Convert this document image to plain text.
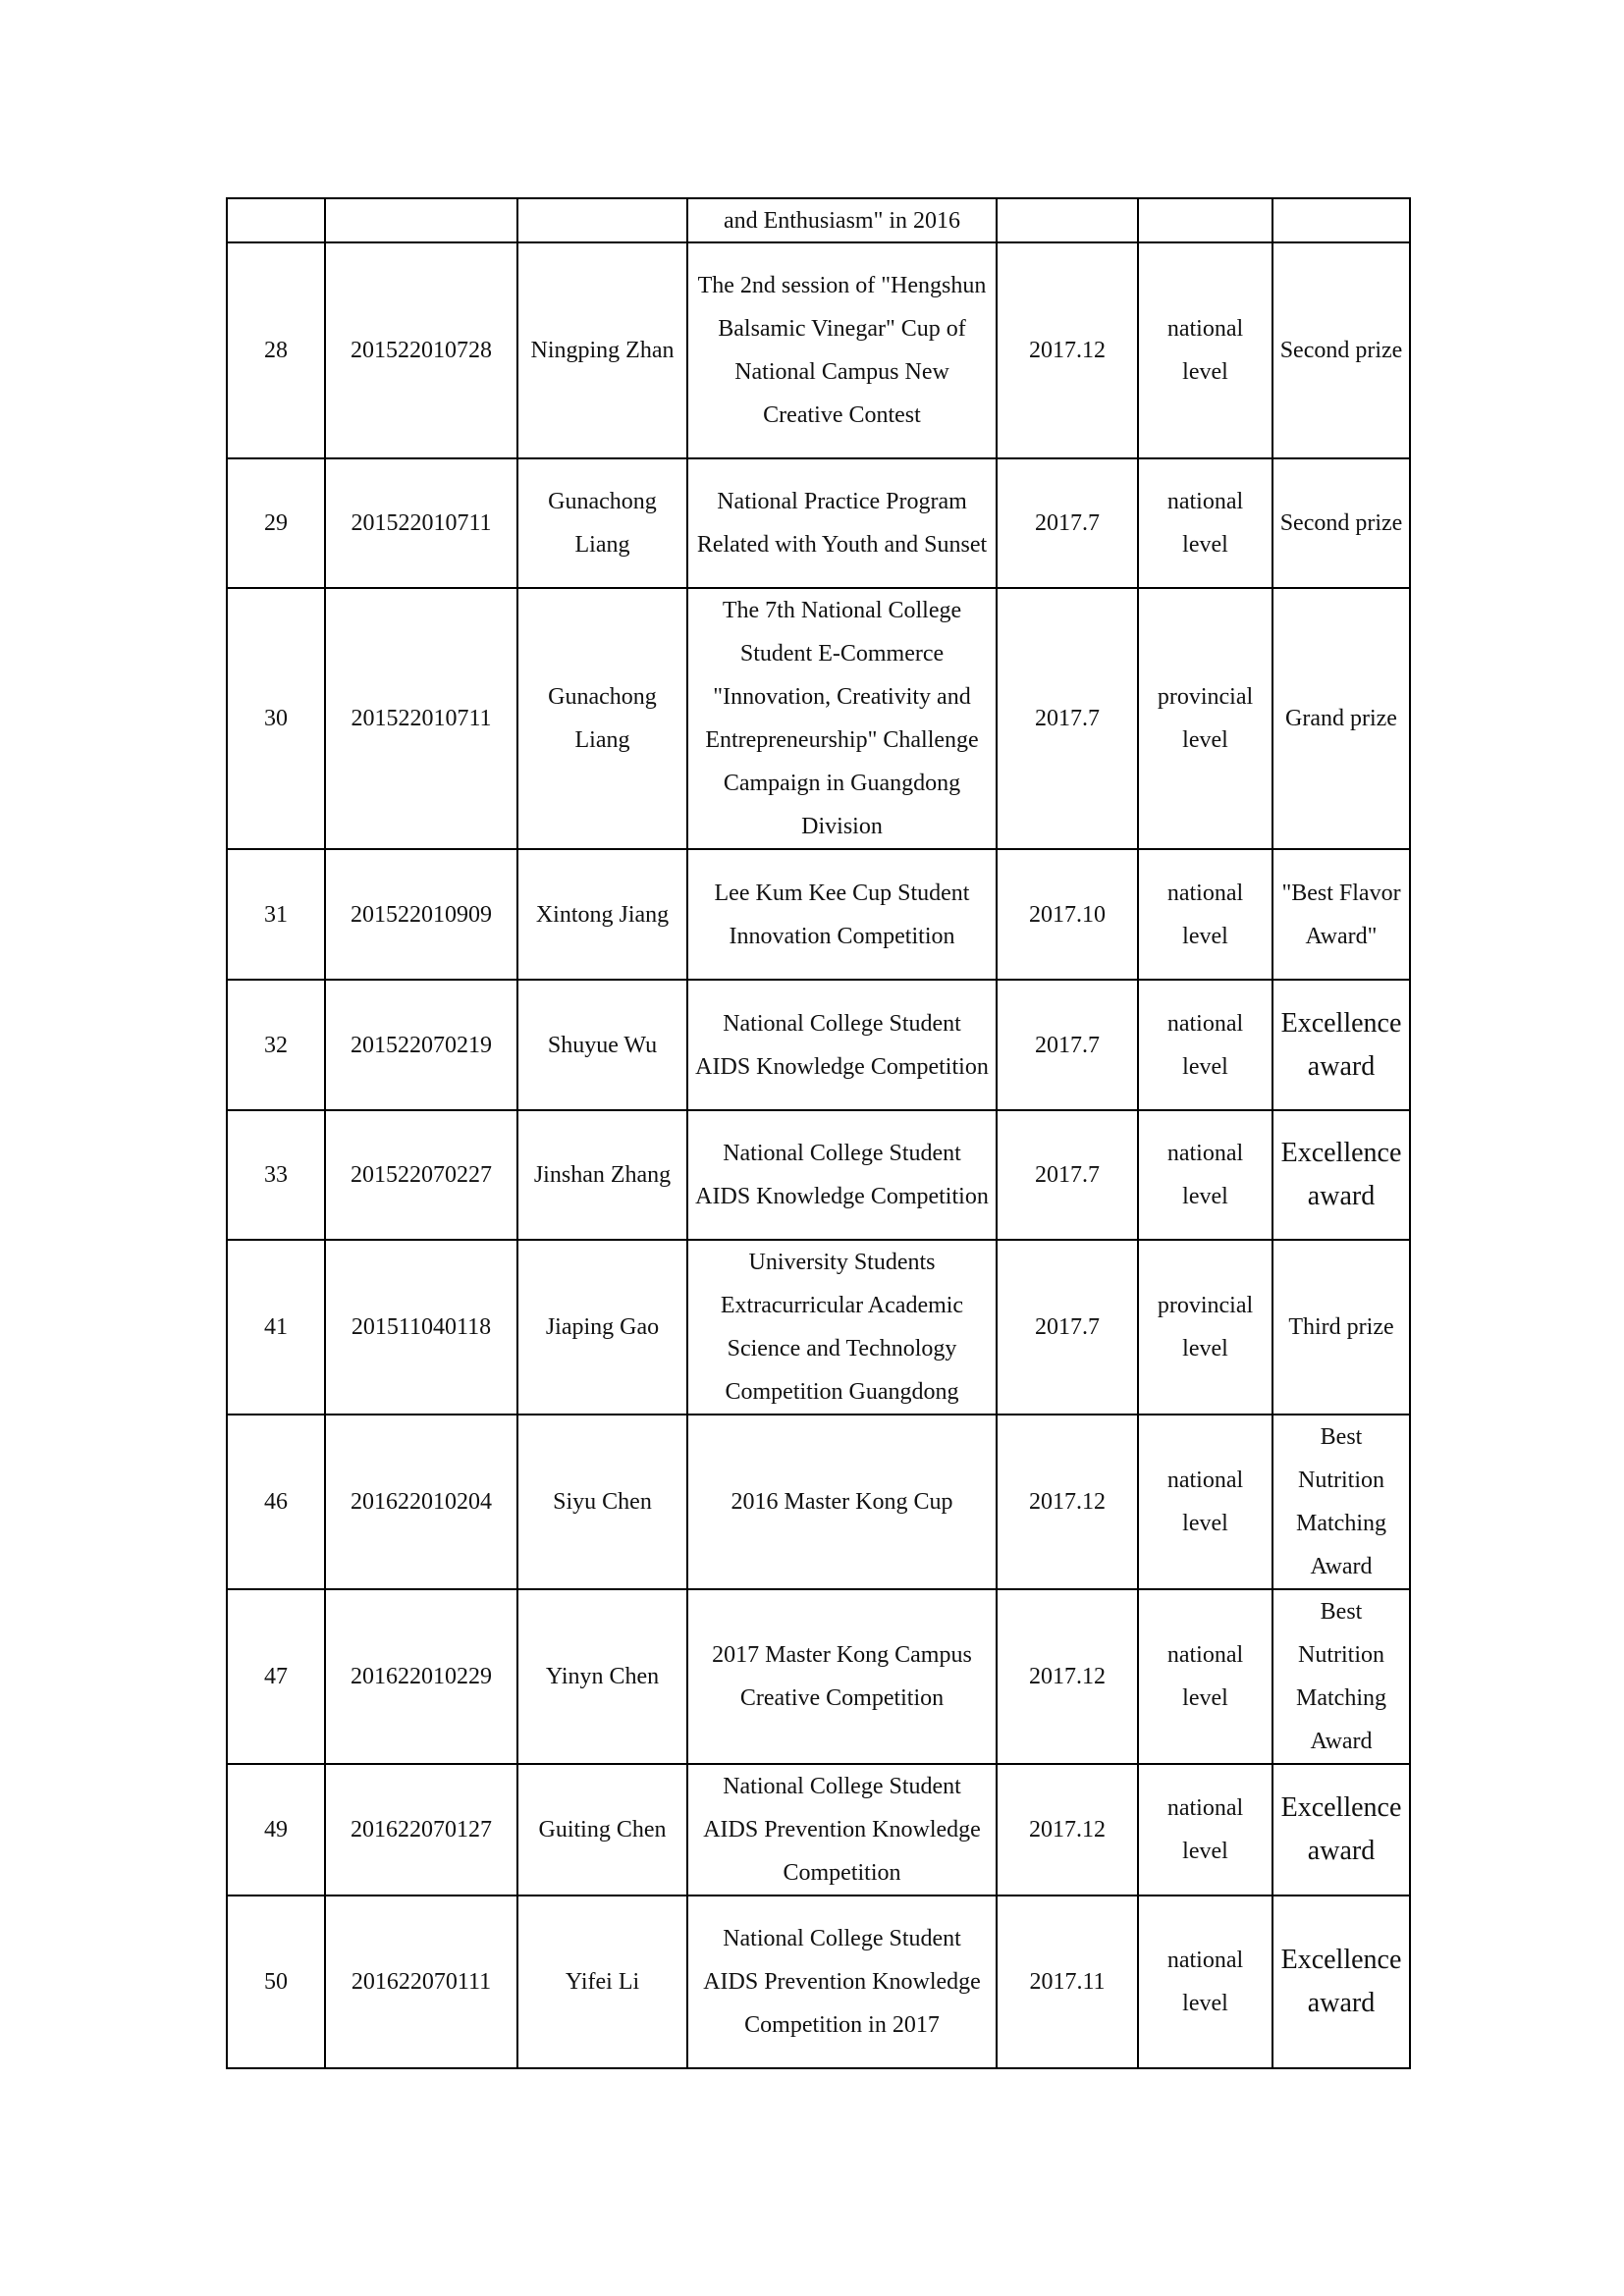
			and Enthusiasm" in 2016			
28	201522010728	Ningping Zhan	The 2nd session of "Hengshun Balsamic Vinegar" Cup of National Campus New Creative Contest	2017.12	national level	Second prize
29	201522010711	Gunachong Liang	National Practice Program Related with Youth and Sunset	2017.7	national level	Second prize
30	201522010711	Gunachong Liang	The 7th National College Student E-Commerce "Innovation, Creativity and Entrepreneurship" Challenge Campaign in Guangdong Division	2017.7	provincial level	Grand prize
31	201522010909	Xintong Jiang	Lee Kum Kee Cup Student Innovation Competition	2017.10	national level	"Best Flavor Award"
32	201522070219	Shuyue Wu	National College Student AIDS Knowledge Competition	2017.7	national level	Excellence award
33	201522070227	Jinshan Zhang	National College Student AIDS Knowledge Competition	2017.7	national level	Excellence award
41	201511040118	Jiaping Gao	University Students Extracurricular Academic Science and Technology Competition Guangdong	2017.7	provincial level	Third prize
46	201622010204	Siyu Chen	2016 Master Kong Cup	2017.12	national level	Best Nutrition Matching Award
47	201622010229	Yinyn Chen	2017 Master Kong Campus Creative Competition	2017.12	national level	Best Nutrition Matching Award
49	201622070127	Guiting Chen	National College Student AIDS Prevention Knowledge Competition	2017.12	national level	Excellence award
50	201622070111	Yifei Li	National College Student AIDS Prevention Knowledge Competition in 2017	2017.11	national level	Excellence award
